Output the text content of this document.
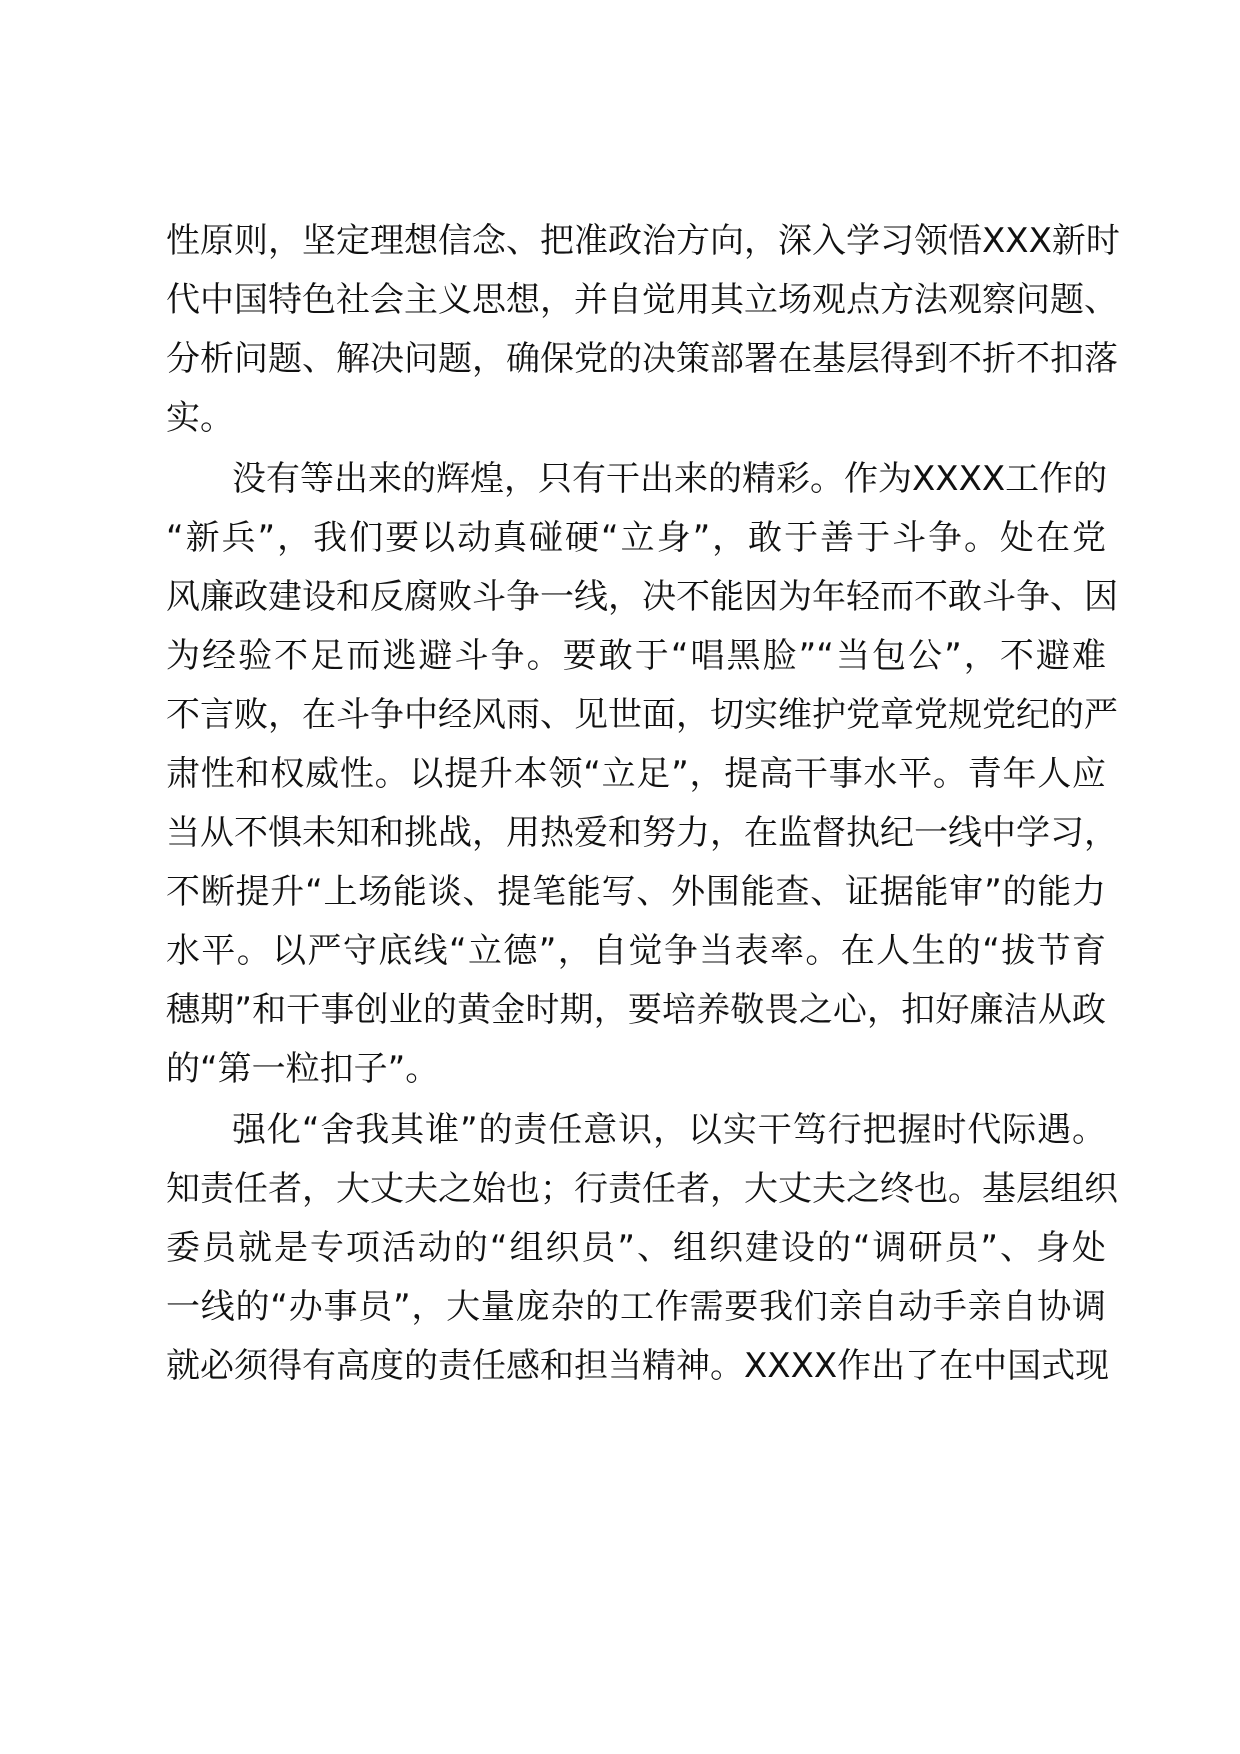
性原则，坚定理想信念、把准政治方向，深入学习领悟XXX新时
代中国特色社会主义思想，并自觉用其立场观点方法观察问题、
分析问题、解决问题，确保党的决策部署在基层得到不折不扣落
实。
没有等出来的辉煌，只有干出来的精彩。作为XXXX工作的
“新兵”，我们要以动真碰硬“立身”，敢于善于斗争。处在党
风廉政建设和反腐败斗争一线，决不能因为年轻而不敢斗争、因
为经验不足而逃避斗争。要敢于“唱黑脸”“当包公”，不避难
不言败，在斗争中经风雨、见世面，切实维护党章党规党纪的严
肃性和权威性。以提升本领“立足”，提高干事水平。青年人应
当从不惧未知和挑战，用热爱和努力，在监督执纪一线中学习，
不断提升“上场能谈、提笔能写、外围能查、证据能审”的能力
水平。以严守底线“立德”，自觉争当表率。在人生的“拔节育
穗期”和干事创业的黄金时期，要培养敬畏之心，扣好廉洁从政
的“第一粒扣子”。
强化“舍我其谁”的责任意识，以实干笃行把握时代际遇。
知责任者，大丈夫之始也；行责任者，大丈夫之终也。基层组织
委员就是专项活动的“组织员”、组织建设的“调研员”、身处
一线的“办事员”，大量庞杂的工作需要我们亲自动手亲自协调
就必须得有高度的责任感和担当精神。XXXX作出了在中国式现
